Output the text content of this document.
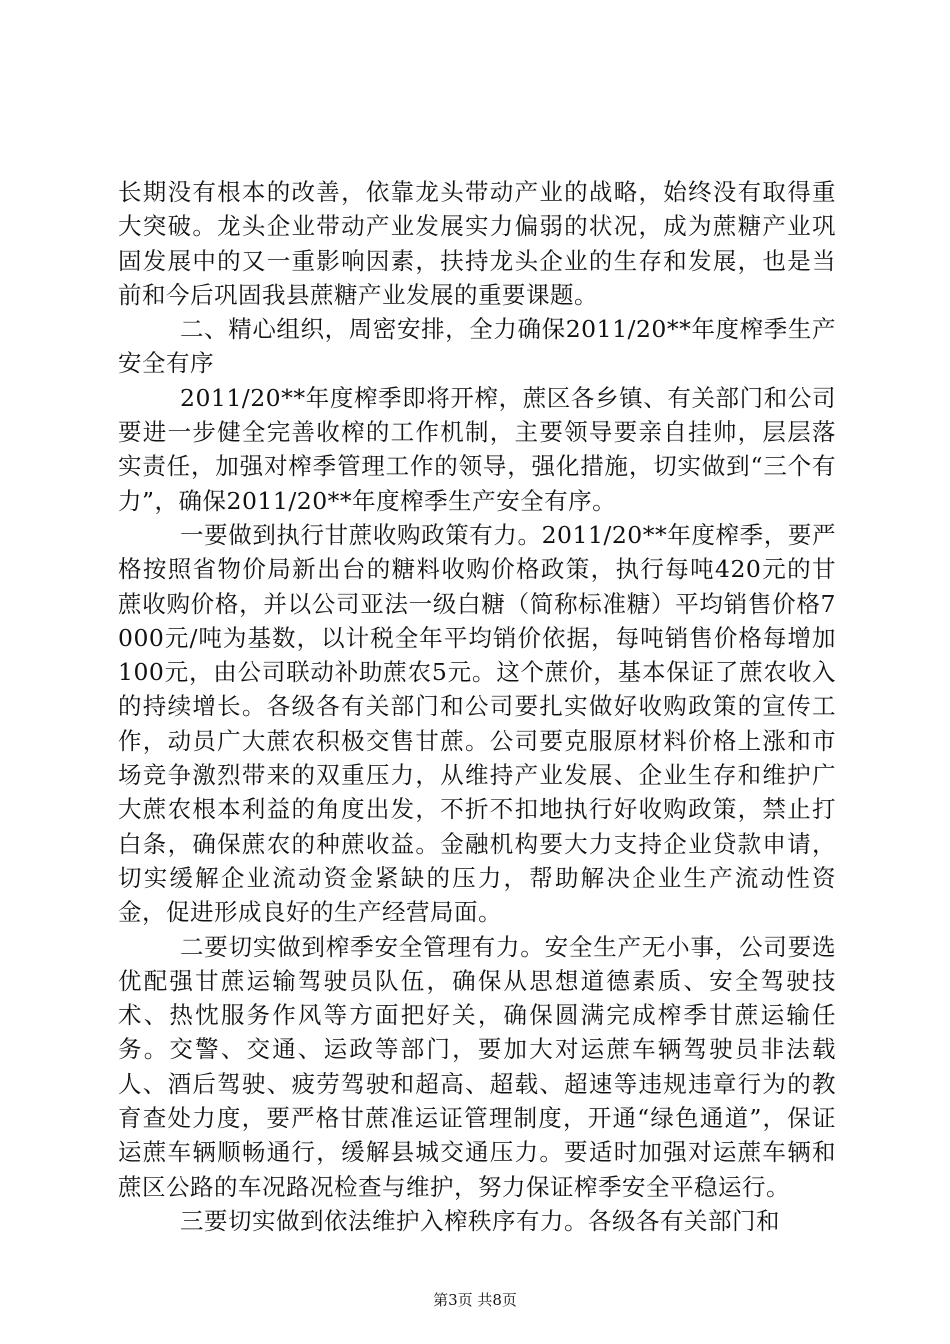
长期没有根本的改善，依靠龙头带动产业的战略，始终没有取得重大突破。龙头企业带动产业发展实力偏弱的状况，成为蔗糖产业巩固发展中的又一重影响因素，扶持龙头企业的生存和发展，也是当前和今后巩固我县蔗糖产业发展的重要课题。

二、精心组织，周密安排，全力确保2011/20**年度榨季生产安全有序

2011/20**年度榨季即将开榨，蔗区各乡镇、有关部门和公司要进一步健全完善收榨的工作机制，主要领导要亲自挂帅，层层落实责任，加强对榨季管理工作的领导，强化措施，切实做到“三个有力”，确保2011/20**年度榨季生产安全有序。

一要做到执行甘蔗收购政策有力。2011/20**年度榨季，要严格按照省物价局新出台的糖料收购价格政策，执行每吨420元的甘蔗收购价格，并以公司亚法一级白糖（简称标准糖）平均销售价格7000元/吨为基数，以计税全年平均销价依据，每吨销售价格每增加100元，由公司联动补助蔗农5元。这个蔗价，基本保证了蔗农收入的持续增长。各级各有关部门和公司要扎实做好收购政策的宣传工作，动员广大蔗农积极交售甘蔗。公司要克服原材料价格上涨和市场竞争激烈带来的双重压力，从维持产业发展、企业生存和维护广大蔗农根本利益的角度出发，不折不扣地执行好收购政策，禁止打白条，确保蔗农的种蔗收益。金融机构要大力支持企业贷款申请，切实缓解企业流动资金紧缺的压力，帮助解决企业生产流动性资金，促进形成良好的生产经营局面。

二要切实做到榨季安全管理有力。安全生产无小事，公司要选优配强甘蔗运输驾驶员队伍，确保从思想道德素质、安全驾驶技术、热忱服务作风等方面把好关，确保圆满完成榨季甘蔗运输任务。交警、交通、运政等部门，要加大对运蔗车辆驾驶员非法载人、酒后驾驶、疲劳驾驶和超高、超载、超速等违规违章行为的教育查处力度，要严格甘蔗准运证管理制度，开通“绿色通道”，保证运蔗车辆顺畅通行，缓解县城交通压力。要适时加强对运蔗车辆和蔗区公路的车况路况检查与维护，努力保证榨季安全平稳运行。

三要切实做到依法维护入榨秩序有力。各级各有关部门和

第3页 共8页
